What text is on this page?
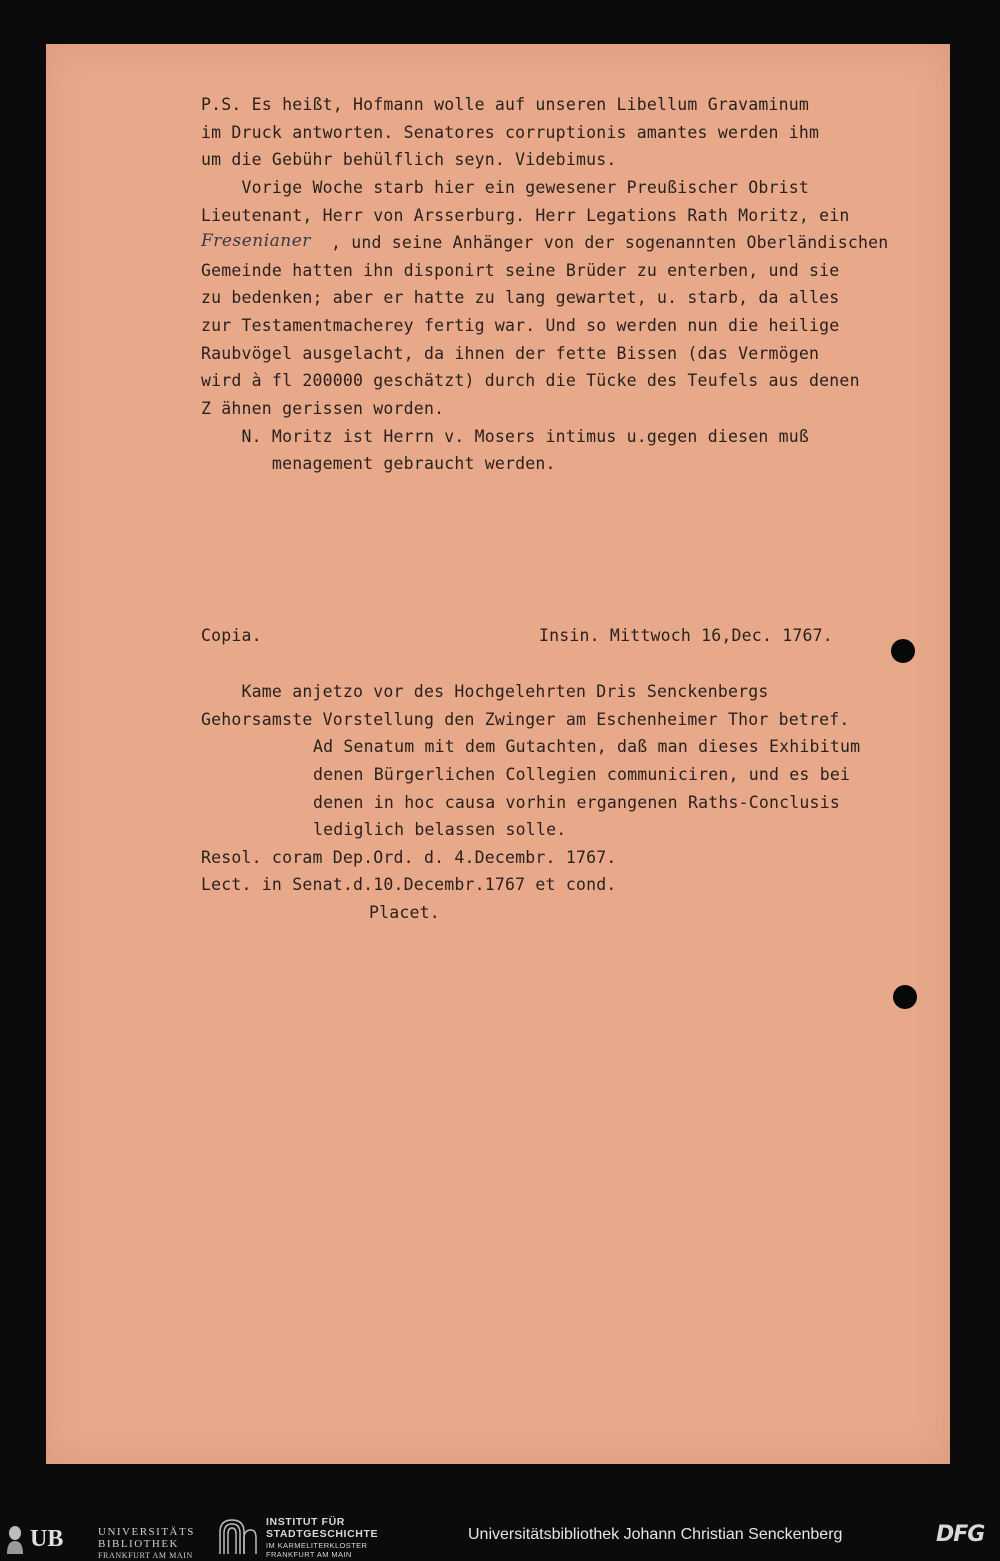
P.S. Es heißt, Hofmann wolle auf unseren Libellum Gravaminum
im Druck antworten. Senatores corruptionis amantes werden ihm
um die Gebühr behülflich seyn. Videbimus.
Vorige Woche starb hier ein gewesener Preußischer Obrist
Lieutenant, Herr von Arsserburg. Herr Legations Rath Moritz, ein
Fresenianer , und seine Anhänger von der sogenannten Oberländischen
Gemeinde hatten ihn disponirt seine Brüder zu enterben, und sie
zu bedenken; aber er hatte zu lang gewartet, u. starb, da alles
zur Testamentmacherey fertig war. Und so werden nun die heilige
Raubvögel ausgelacht, da ihnen der fette Bissen (das Vermögen
wird à fl 200000 geschätzt) durch die Tücke des Teufels aus denen
Z ähnen gerissen worden.
N. Moritz ist Herrn v. Mosers intimus u.gegen diesen muß
menagement gebraucht werden.
Copia.	Insin. Mittwoch 16,Dec. 1767.
Kame anjetzo vor des Hochgelehrten Dris Senckenbergs
Gehorsamste Vorstellung den Zwinger am Eschenheimer Thor betref.
Ad Senatum mit dem Gutachten, daß man dieses Exhibitum
denen Bürgerlichen Collegien communiciren, und es bei
denen in hoc causa vorhin ergangenen Raths-Conclusis
lediglich belassen solle.
Resol. coram Dep.Ord. d. 4.Decembr. 1767.
Lect. in Senat.d.10.Decembr.1767 et cond.
Placet.
UB	UNIVERSITÄTS
BIBLIOTHEK
FRANKFURT AM MAIN
INSTITUT FÜR
STADTGESCHICHTE
IM KARMELITERKLOSTER
FRANKFURT AM MAIN
Universitätsbibliothek Johann Christian Senckenberg	DFG
